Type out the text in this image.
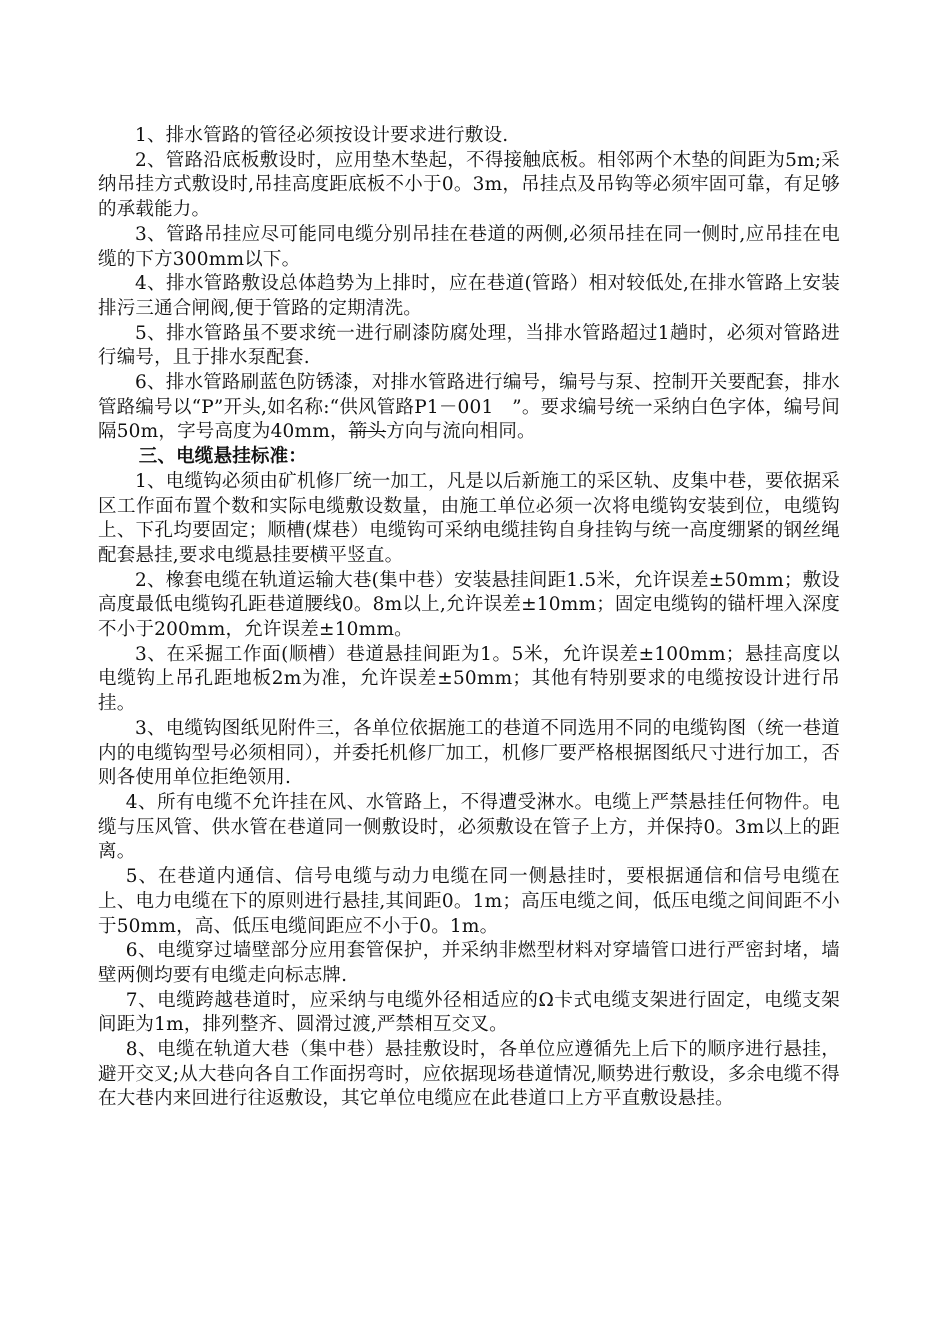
1、排水管路的管径必须按设计要求进行敷设.

2、管路沿底板敷设时，应用垫木垫起，不得接触底板。相邻两个木垫的间距为5m;采纳吊挂方式敷设时,吊挂高度距底板不小于0。3m，吊挂点及吊钩等必须牢固可靠，有足够的承载能力。

3、管路吊挂应尽可能同电缆分别吊挂在巷道的两侧,必须吊挂在同一侧时,应吊挂在电缆的下方300mm以下。

4、排水管路敷设总体趋势为上排时，应在巷道(管路）相对较低处,在排水管路上安装排污三通合闸阀,便于管路的定期清洗。

5、排水管路虽不要求统一进行刷漆防腐处理，当排水管路超过1趟时，必须对管路进行编号，且于排水泵配套.

6、排水管路刷蓝色防锈漆，对排水管路进行编号，编号与泵、控制开关要配套，排水管路编号以“P”开头,如名称:“供风管路P1－001　”。要求编号统一采纳白色字体，编号间隔50m，字号高度为40mm，箭头方向与流向相同。

三、电缆悬挂标准：

1、电缆钩必须由矿机修厂统一加工，凡是以后新施工的采区轨、皮集中巷，要依据采区工作面布置个数和实际电缆敷设数量，由施工单位必须一次将电缆钩安装到位，电缆钩上、下孔均要固定；顺槽(煤巷）电缆钩可采纳电缆挂钩自身挂钩与统一高度绷紧的钢丝绳配套悬挂,要求电缆悬挂要横平竖直。

2、橡套电缆在轨道运输大巷(集中巷）安装悬挂间距1.5米，允许误差±50mm；敷设高度最低电缆钩孔距巷道腰线0。8m以上,允许误差±10mm；固定电缆钩的锚杆埋入深度不小于200mm，允许误差±10mm。

3、在采掘工作面(顺槽）巷道悬挂间距为1。5米，允许误差±100mm；悬挂高度以电缆钩上吊孔距地板2m为准，允许误差±50mm；其他有特别要求的电缆按设计进行吊挂。

3、电缆钩图纸见附件三，各单位依据施工的巷道不同选用不同的电缆钩图（统一巷道内的电缆钩型号必须相同），并委托机修厂加工，机修厂要严格根据图纸尺寸进行加工，否则各使用单位拒绝领用.

4、所有电缆不允许挂在风、水管路上，不得遭受淋水。电缆上严禁悬挂任何物件。电缆与压风管、供水管在巷道同一侧敷设时，必须敷设在管子上方，并保持0。3m以上的距离。

5、在巷道内通信、信号电缆与动力电缆在同一侧悬挂时，要根据通信和信号电缆在上、电力电缆在下的原则进行悬挂,其间距0。1m；高压电缆之间，低压电缆之间间距不小于50mm，高、低压电缆间距应不小于0。1m。

6、电缆穿过墙壁部分应用套管保护，并采纳非燃型材料对穿墙管口进行严密封堵，墙壁两侧均要有电缆走向标志牌.

7、电缆跨越巷道时，应采纳与电缆外径相适应的Ω卡式电缆支架进行固定，电缆支架间距为1m，排列整齐、圆滑过渡,严禁相互交叉。

8、电缆在轨道大巷（集中巷）悬挂敷设时，各单位应遵循先上后下的顺序进行悬挂，避开交叉;从大巷向各自工作面拐弯时，应依据现场巷道情况,顺势进行敷设，多余电缆不得在大巷内来回进行往返敷设，其它单位电缆应在此巷道口上方平直敷设悬挂。
